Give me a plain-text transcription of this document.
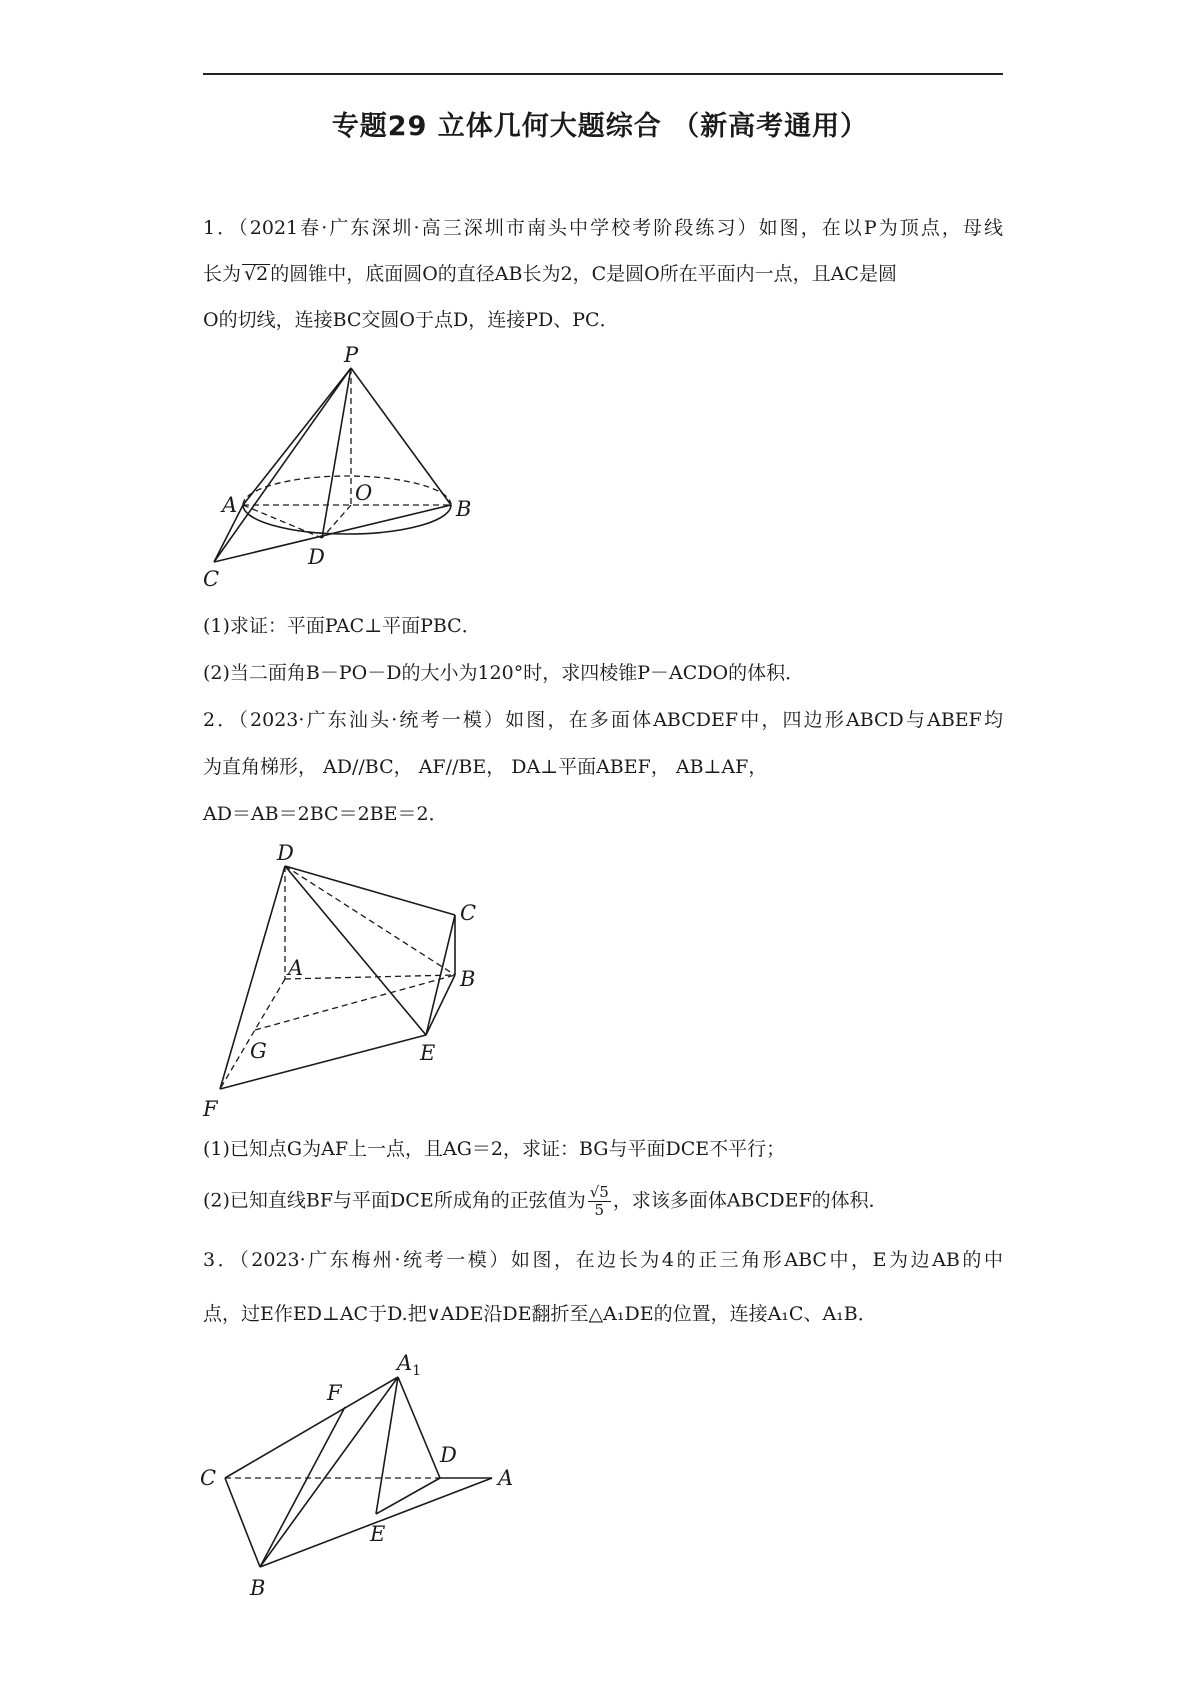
专题29 立体几何大题综合 （新高考通用）
1．（2021春·广东深圳·高三深圳市南头中学校考阶段练习）如图，在以P为顶点，母线
长为 √2 的圆锥中，底面圆O的直径AB长为2，C是圆O所在平面内一点，且AC是圆
O的切线，连接BC交圆O于点D，连接PD、PC．
P
A	O
B
D
C
(1)求证：平面PAC⊥平面PBC．
(2)当二面角B－PO－D的大小为120°时，求四棱锥P－ACDO的体积．
2．（2023·广东汕头·统考一模）如图，在多面体ABCDEF中，四边形ABCD与ABEF均
为直角梯形， AD//BC， AF//BE， DA⊥平面ABEF， AB⊥AF，
AD＝AB＝2BC＝2BE＝2．
D
C
A	B
G	E
F
(1)已知点G为AF上一点，且AG＝2，求证：BG与平面DCE不平行；
(2)已知直线BF与平面DCE所成角的正弦值为 $\frac{√5}{5}$ ，求该多面体ABCDEF的体积．
3．（2023·广东梅州·统考一模）如图，在边长为4的正三角形ABC中，E为边AB的中
点，过E作ED⊥AC于D.把∨ADE沿DE翻折至△A₁DE的位置，连接A₁C、A₁B．
$A_1$
F
C
D
A
E
B
